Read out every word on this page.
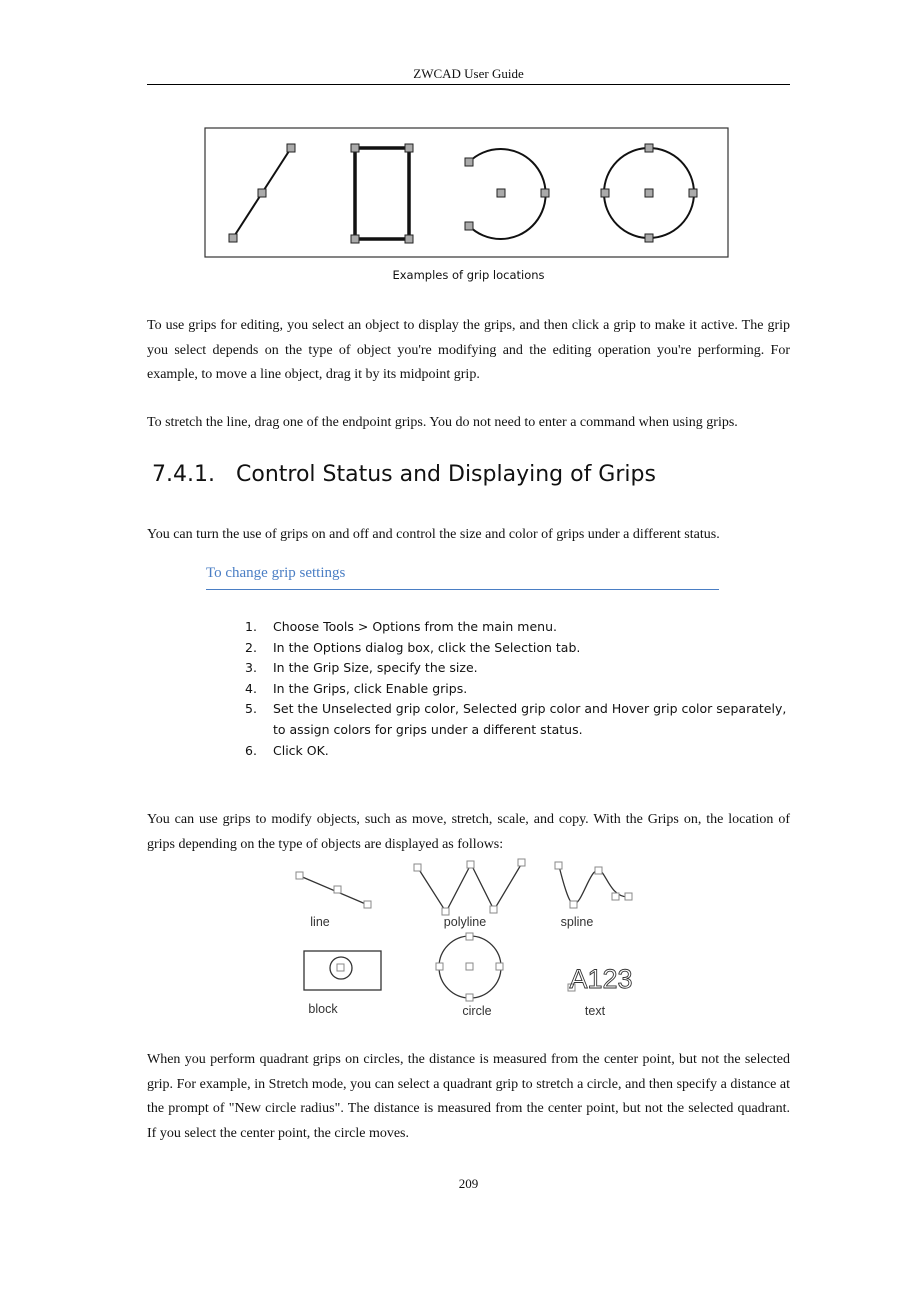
ZWCAD User Guide
Examples of grip locations
To use grips for editing, you select an object to display the grips, and then click a grip to make it active. The grip you select depends on the type of object you're modifying and the editing operation you're performing. For example, to move a line object, drag it by its midpoint grip.
To stretch the line, drag one of the endpoint grips. You do not need to enter a command when using grips.
7.4.1. Control Status and Displaying of Grips
You can turn the use of grips on and off and control the size and color of grips under a different status.
To change grip settings
1. Choose Tools > Options from the main menu.
2. In the Options dialog box, click the Selection tab.
3. In the Grip Size, specify the size.
4. In the Grips, click Enable grips.
5. Set the Unselected grip color, Selected grip color and Hover grip color separately, to assign colors for grips under a different status.
6. Click OK.
You can use grips to modify objects, such as move, stretch, scale, and copy. With the Grips on, the location of grips depending on the type of objects are displayed as follows:
line	polyline	spline
block	circle	text
A123
When you perform quadrant grips on circles, the distance is measured from the center point, but not the selected grip. For example, in Stretch mode, you can select a quadrant grip to stretch a circle, and then specify a distance at the prompt of "New circle radius". The distance is measured from the center point, but not the selected quadrant. If you select the center point, the circle moves.
209
